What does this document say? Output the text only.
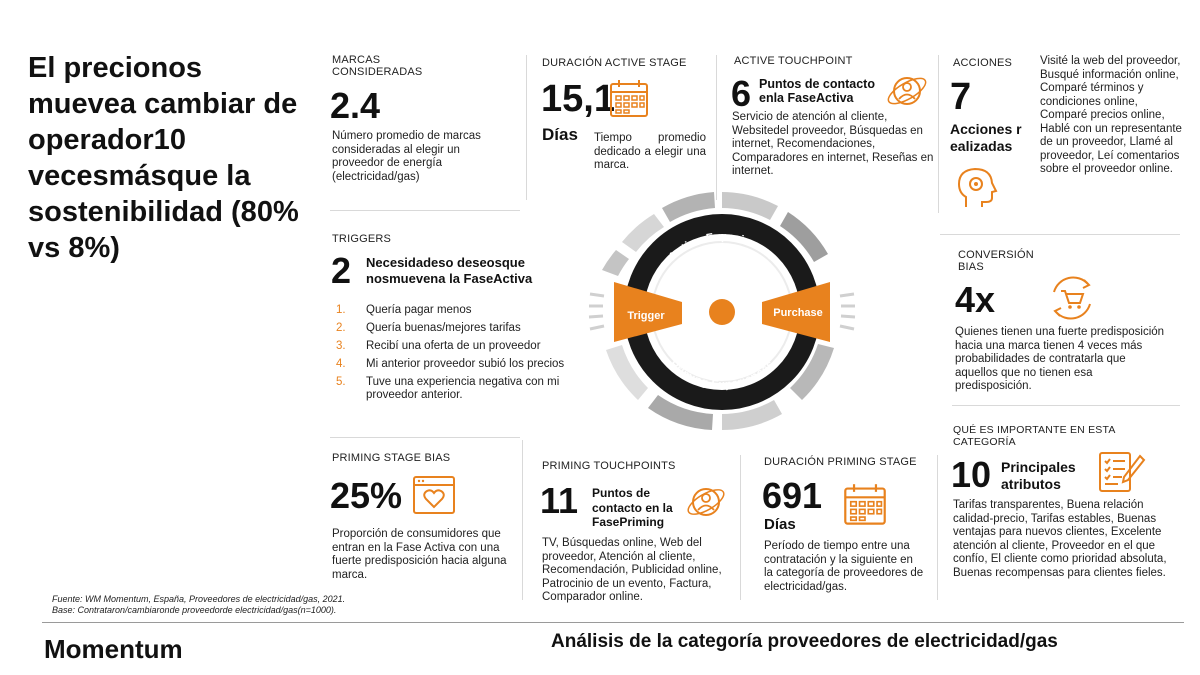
El precionos muevea cambiar de operador10 vecesmásque la sostenibilidad (80% vs 8%)
MARCAS CONSIDERADAS
2.4
Número promedio de marcas consideradas al elegir un proveedor de energía (electricidad/gas)
DURACIÓN ACTIVE STAGE
15,1
Días Tiempo promedio dedicado a elegir una marca.
ACTIVE TOUCHPOINT
6 Puntos de contacto enla FaseActiva
Servicio de atención al cliente, Websitedel proveedor, Búsquedas en internet, Recomendaciones, Comparadores en internet, Reseñas en internet.
ACCIONES
7
Acciones realizadas
Visité la web del proveedor, Busqué información online, Comparé términos y condiciones online, Comparé precios online, Hablé con un representante de un proveedor, Llamé al proveedor, Leí comentarios sobre el proveedor online.
TRIGGERS
2 Necesidadeso deseosque nosmuevena la FaseActiva
1.	Quería pagar menos
2.	Quería buenas/mejores tarifas
3.	Recibí una oferta de un proveedor
4.	Mi anterior proveedor subió los precios
5.	Tuve una experiencia negativa con mi proveedor anterior.
Active Experiences
Priming Experiences
Trigger	Purchase
CONVERSIÓN BIAS
4x
Quienes tienen una fuerte predisposición hacia una marca tienen 4 veces más probabilidades de contratarla que aquellos que no tienen esa predisposición.
PRIMING STAGE BIAS
25%
Proporción de consumidores que entran en la Fase Activa con una fuerte predisposición hacia alguna marca.
PRIMING TOUCHPOINTS
11 Puntos de contacto en la FasePriming
TV, Búsquedas online, Web del proveedor, Atención al cliente, Recomendación, Publicidad online, Patrocinio de un evento, Factura, Comparador online.
DURACIÓN PRIMING STAGE
691
Días
Período de tiempo entre una contratación y la siguiente en la categoría de proveedores de electricidad/gas.
QUÉ ES IMPORTANTE EN ESTA CATEGORÍA
10 Principales atributos
Tarifas transparentes, Buena relación calidad-precio, Tarifas estables, Buenas ventajas para nuevos clientes, Excelente atención al cliente, Proveedor en el que confío, El cliente como prioridad absoluta, Buenas recompensas para clientes fieles.
Fuente: WM Momentum, España, Proveedores de electricidad/gas, 2021.
Base: Contrataron/cambiaronde proveedorde electricidad/gas(n=1000).
Momentum	Análisis de la categoría proveedores de electricidad/gas
